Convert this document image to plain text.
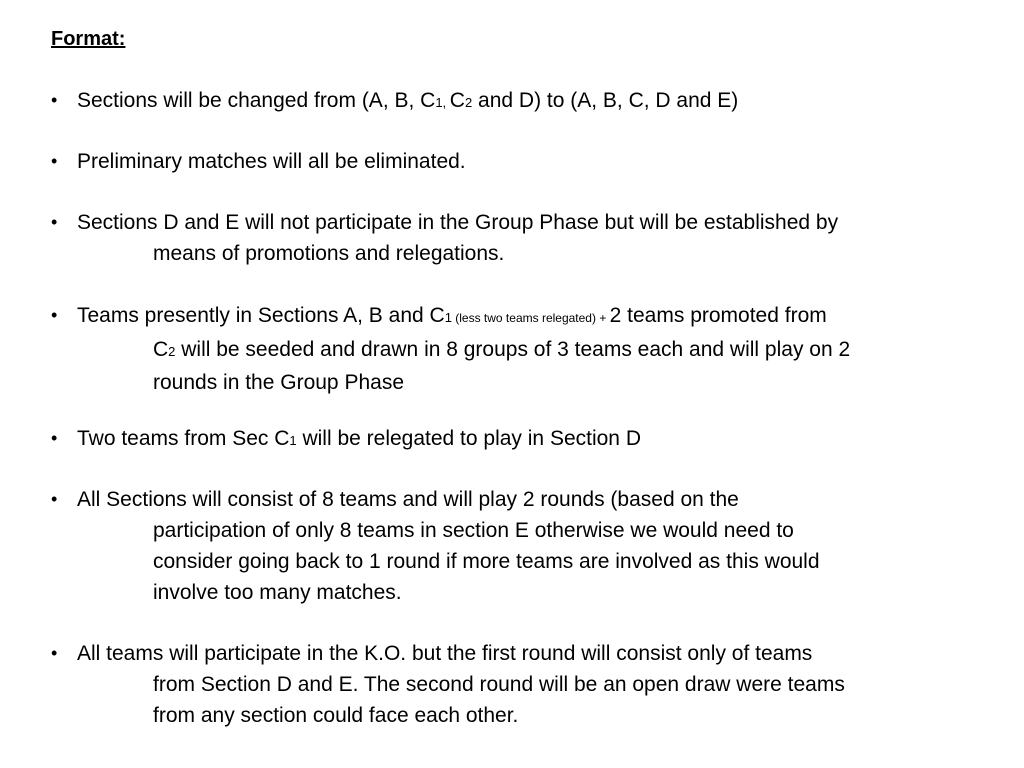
Format:
• Sections will be changed from (A, B, C1, C2 and D) to (A, B, C, D and E)
• Preliminary matches will all be eliminated.
• Sections D and E will not participate in the Group Phase but will be established by
means of promotions and relegations.
• Teams presently in Sections A, B and C1 (less two teams relegated) + 2 teams promoted from
C2 will be seeded and drawn in 8 groups of 3 teams each and will play on 2
rounds in the Group Phase
• Two teams from Sec C1 will be relegated to play in Section D
• All Sections will consist of 8 teams and will play 2 rounds (based on the
participation of only 8 teams in section E otherwise we would need to
consider going back to 1 round if more teams are involved as this would
involve too many matches.
• All teams will participate in the K.O. but the first round will consist only of teams
from Section D and E. The second round will be an open draw were teams
from any section could face each other.
